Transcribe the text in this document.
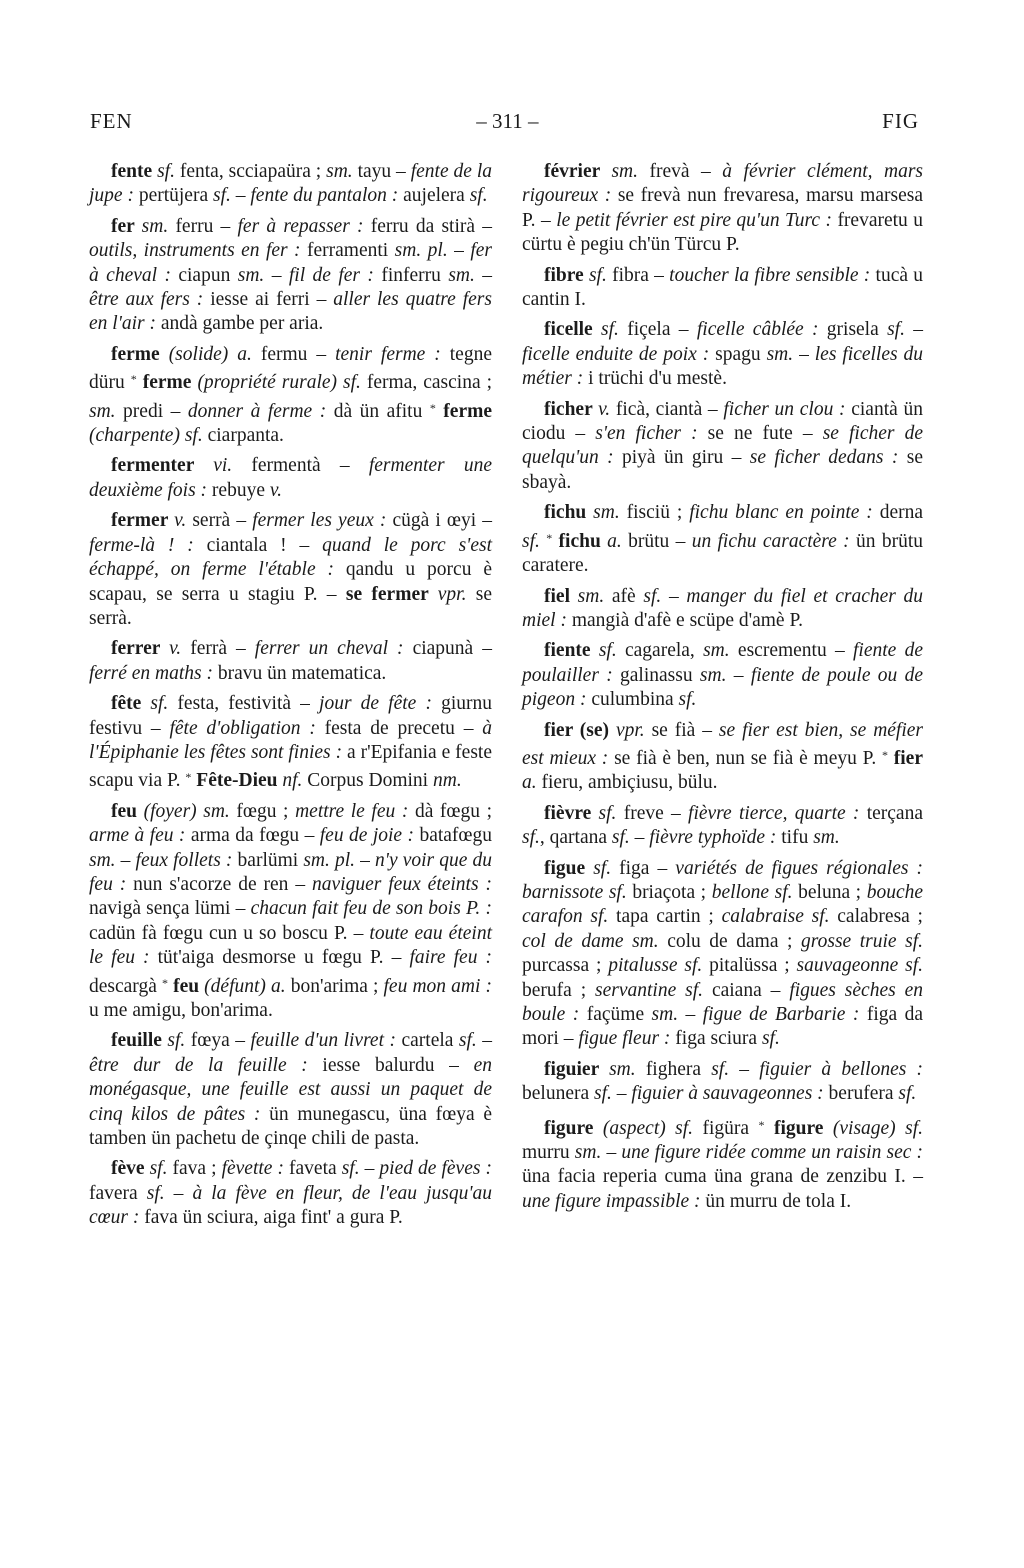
FEN	– 311 –	FIG

fente sf. fenta, scciapaüra ; sm. tayu – fente de la jupe : pertüjera sf. – fente du pantalon : aujelera sf.

fer sm. ferru – fer à repasser : ferru da stirà – outils, instruments en fer : ferramenti sm. pl. – fer à cheval : ciapun sm. – fil de fer : finferru sm. – être aux fers : iesse ai ferri – aller les quatre fers en l'air : andà gambe per aria.

ferme (solide) a. fermu – tenir ferme : tegne düru * ferme (propriété rurale) sf. ferma, cascina ; sm. predi – donner à ferme : dà ün afitu * ferme (charpente) sf. ciarpanta.

fermenter vi. fermentà – fermenter une deuxième fois : rebuye v.

fermer v. serrà – fermer les yeux : cügà i œyi – ferme-là ! : ciantala ! – quand le porc s'est échappé, on ferme l'étable : qandu u porcu è scapau, se serra u stagiu P. – se fermer vpr. se serrà.

ferrer v. ferrà – ferrer un cheval : ciapunà – ferré en maths : bravu ün matematica.

fête sf. festa, festività – jour de fête : giurnu festivu – fête d'obligation : festa de precetu – à l'Épiphanie les fêtes sont finies : a r'Epifania e feste scapu via P. * Fête-Dieu nf. Corpus Domini nm.

feu (foyer) sm. fœgu ; mettre le feu : dà fœgu ; arme à feu : arma da fœgu – feu de joie : batafœgu sm. – feux follets : barlümi sm. pl. – n'y voir que du feu : nun s'acorze de ren – naviguer feux éteints : navigà sença lümi – chacun fait feu de son bois P. : cadün fà fœgu cun u so boscu P. – toute eau éteint le feu : tüt'aiga desmorse u fœgu P. – faire feu : descargà * feu (défunt) a. bon'arima ; feu mon ami : u me amigu, bon'arima.

feuille sf. fœya – feuille d'un livret : cartela sf. – être dur de la feuille : iesse balurdu – en monégasque, une feuille est aussi un paquet de cinq kilos de pâtes : ün munegascu, üna fœya è tamben ün pachetu de çinqe chili de pasta.

fève sf. fava ; fèvette : faveta sf. – pied de fèves : favera sf. – à la fève en fleur, de l'eau jusqu'au cœur : fava ün sciura, aiga fint' a gura P.

février sm. frevà – à février clément, mars rigoureux : se frevà nun frevaresa, marsu marsesa P. – le petit février est pire qu'un Turc : frevaretu u cürtu è pegiu ch'ün Türcu P.

fibre sf. fibra – toucher la fibre sensible : tucà u cantin I.

ficelle sf. fiçela – ficelle câblée : grisela sf. – ficelle enduite de poix : spagu sm. – les ficelles du métier : i trüchi d'u mestè.

ficher v. ficà, ciantà – ficher un clou : ciantà ün ciodu – s'en ficher : se ne fute – se ficher de quelqu'un : piyà ün giru – se ficher dedans : se sbayà.

fichu sm. fisciü ; fichu blanc en pointe : derna sf. * fichu a. brütu – un fichu caractère : ün brütu caratere.

fiel sm. afè sf. – manger du fiel et cracher du miel : mangià d'afè e scüpe d'amè P.

fiente sf. cagarela, sm. escrementu – fiente de poulailler : galinassu sm. – fiente de poule ou de pigeon : culumbina sf.

fier (se) vpr. se fià – se fier est bien, se méfier est mieux : se fià è ben, nun se fià è meyu P. * fier a. fieru, ambiçiusu, bülu.

fièvre sf. freve – fièvre tierce, quarte : terçana sf., qartana sf. – fièvre typhoïde : tifu sm.

figue sf. figa – variétés de figues régionales : barnissote sf. briaçota ; bellone sf. beluna ; bouche carafon sf. tapa cartin ; calabraise sf. calabresa ; col de dame sm. colu de dama ; grosse truie sf. purcassa ; pitalusse sf. pitalüssa ; sauvageonne sf. berufa ; servantine sf. caiana – figues sèches en boule : façüme sm. – figue de Barbarie : figa da mori – figue fleur : figa sciura sf.

figuier sm. fighera sf. – figuier à bellones : belunera sf. – figuier à sauvageonnes : berufera sf.

figure (aspect) sf. figüra * figure (visage) sf. murru sm. – une figure ridée comme un raisin sec : üna facia reperia cuma üna grana de zenzibu I. – une figure impassible : ün murru de tola I.
